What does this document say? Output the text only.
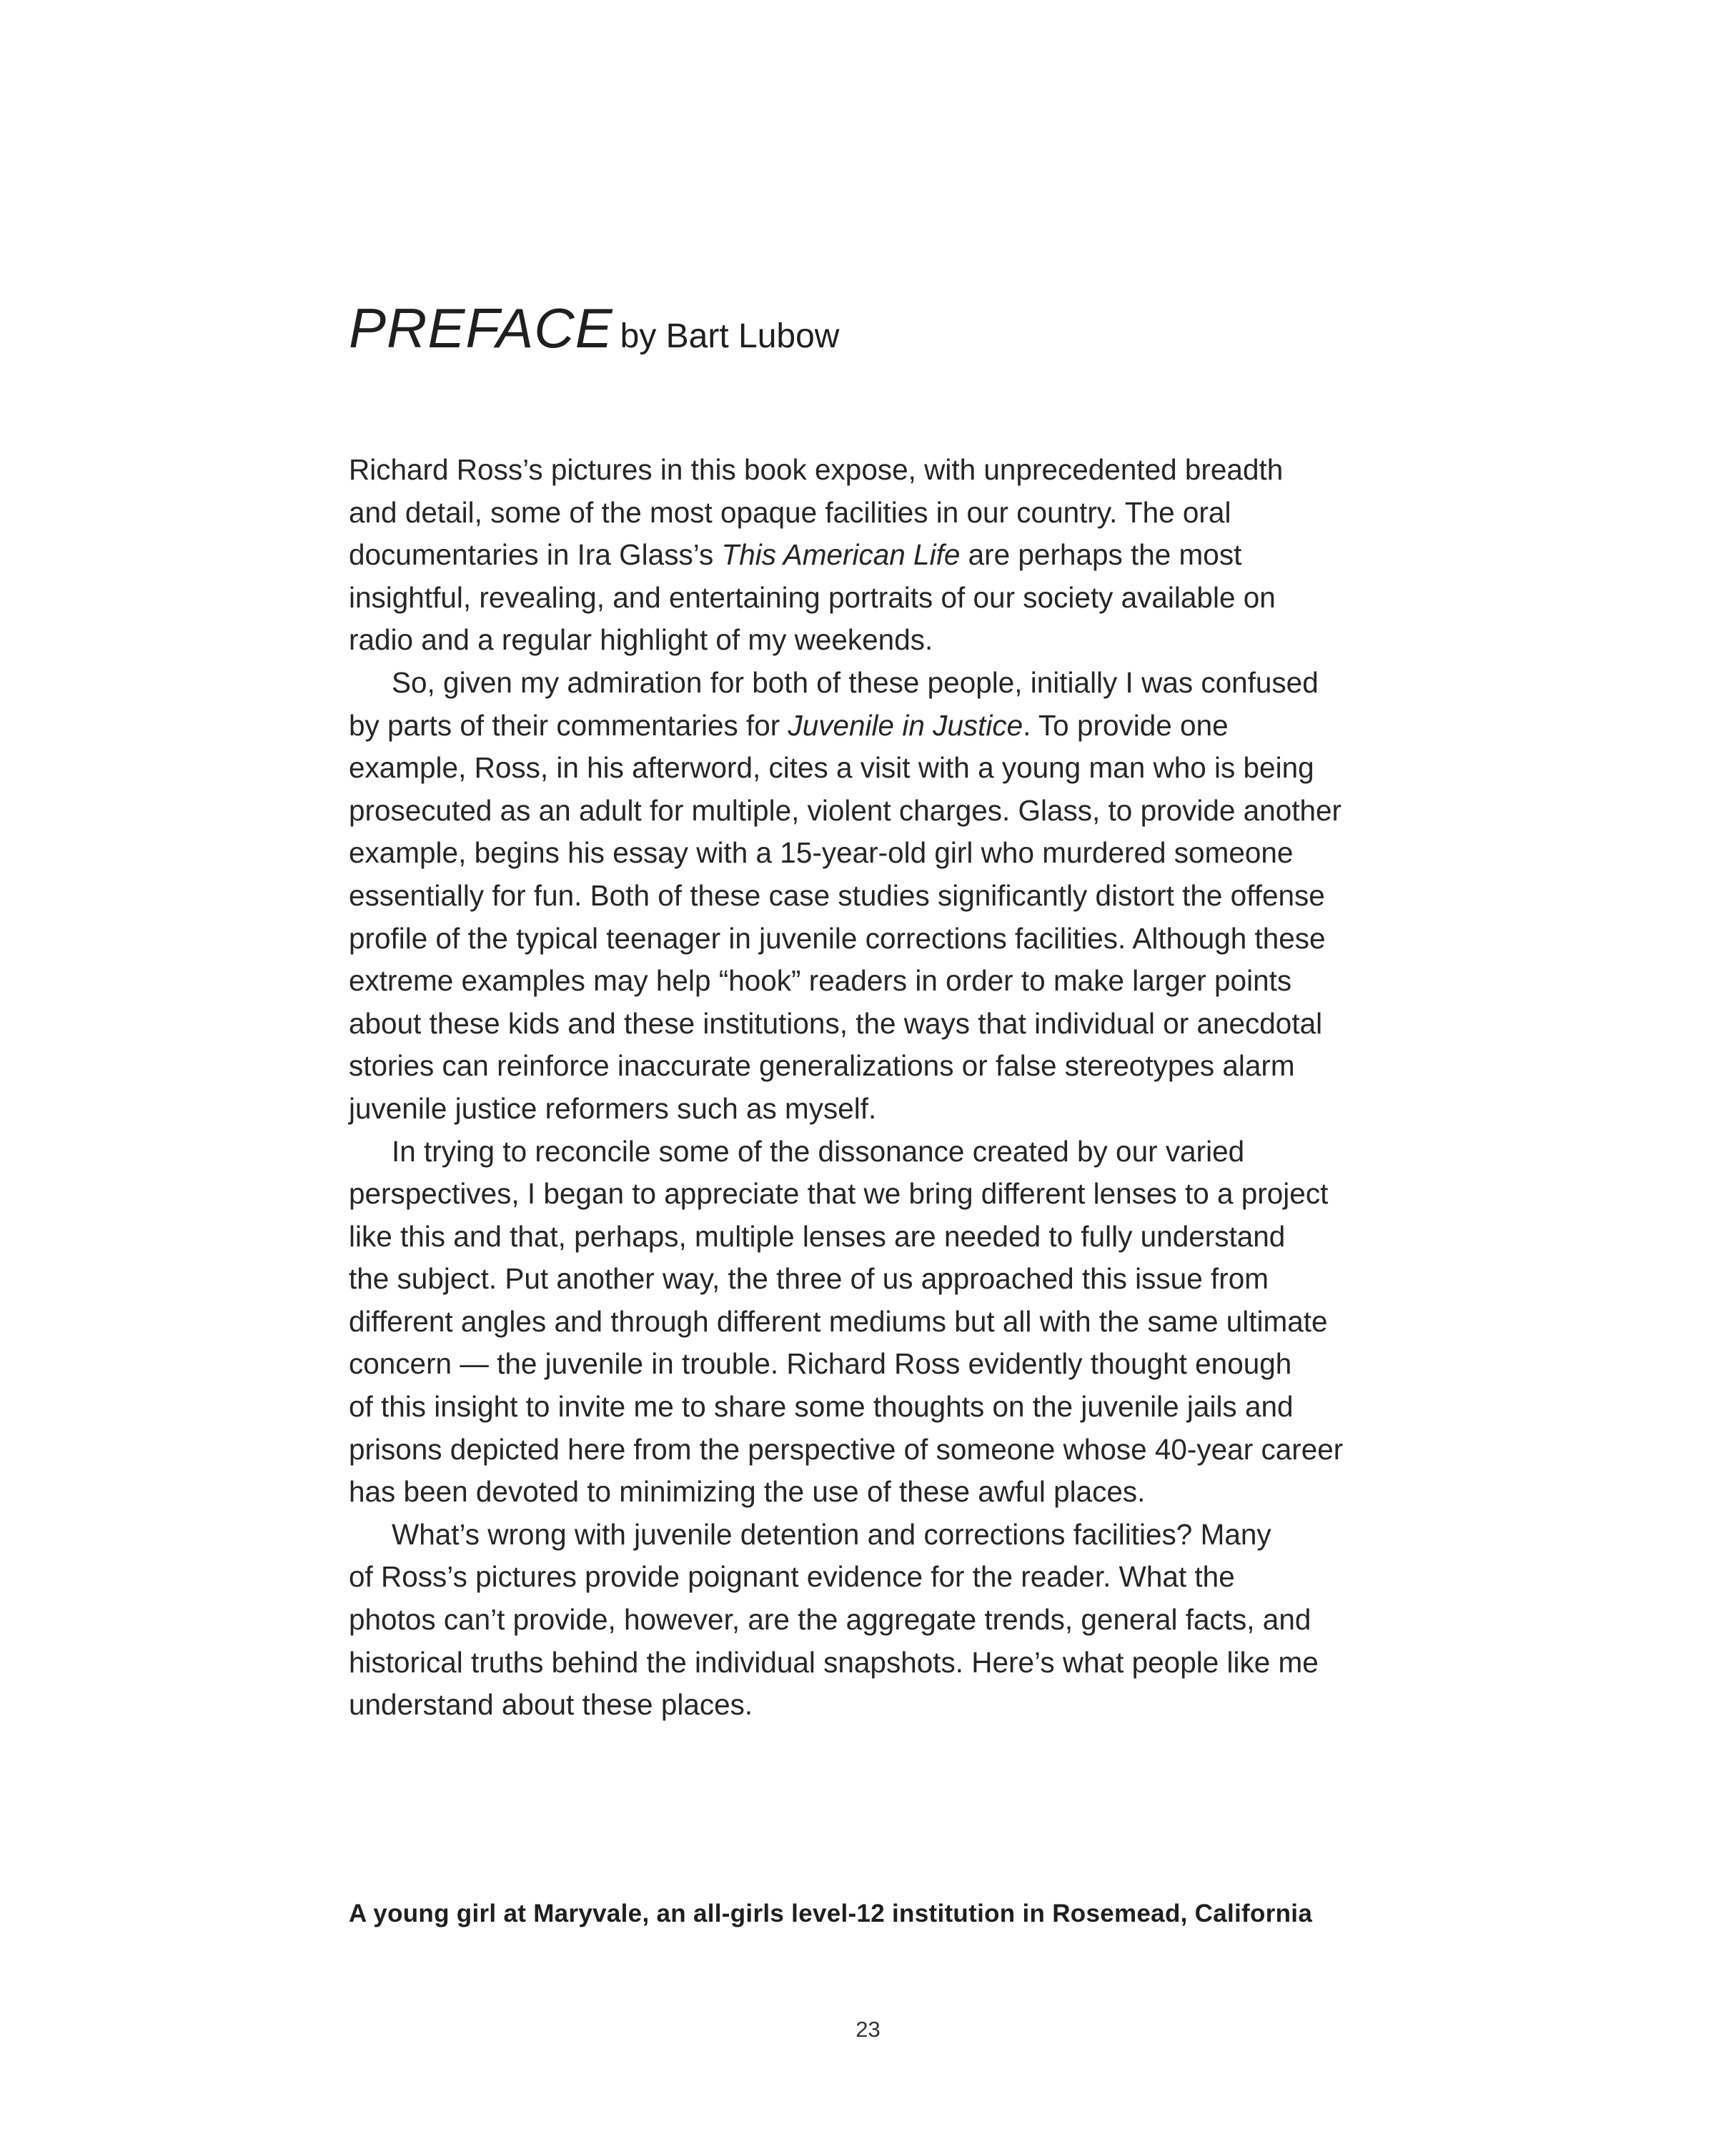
PREFACE by Bart Lubow
Richard Ross’s pictures in this book expose, with unprecedented breadth
and detail, some of the most opaque facilities in our country. The oral
documentaries in Ira Glass’s This American Life are perhaps the most
insightful, revealing, and entertaining portraits of our society available on
radio and a regular highlight of my weekends.
So, given my admiration for both of these people, initially I was confused
by parts of their commentaries for Juvenile in Justice. To provide one
example, Ross, in his afterword, cites a visit with a young man who is being
prosecuted as an adult for multiple, violent charges. Glass, to provide another
example, begins his essay with a 15-year-old girl who murdered someone
essentially for fun. Both of these case studies significantly distort the offense
profile of the typical teenager in juvenile corrections facilities. Although these
extreme examples may help “hook” readers in order to make larger points
about these kids and these institutions, the ways that individual or anecdotal
stories can reinforce inaccurate generalizations or false stereotypes alarm
juvenile justice reformers such as myself.
In trying to reconcile some of the dissonance created by our varied
perspectives, I began to appreciate that we bring different lenses to a project
like this and that, perhaps, multiple lenses are needed to fully understand
the subject. Put another way, the three of us approached this issue from
different angles and through different mediums but all with the same ultimate
concern — the juvenile in trouble. Richard Ross evidently thought enough
of this insight to invite me to share some thoughts on the juvenile jails and
prisons depicted here from the perspective of someone whose 40-year career
has been devoted to minimizing the use of these awful places.
What’s wrong with juvenile detention and corrections facilities? Many
of Ross’s pictures provide poignant evidence for the reader. What the
photos can’t provide, however, are the aggregate trends, general facts, and
historical truths behind the individual snapshots. Here’s what people like me
understand about these places.
A young girl at Maryvale, an all-girls level-12 institution in Rosemead, California
23
